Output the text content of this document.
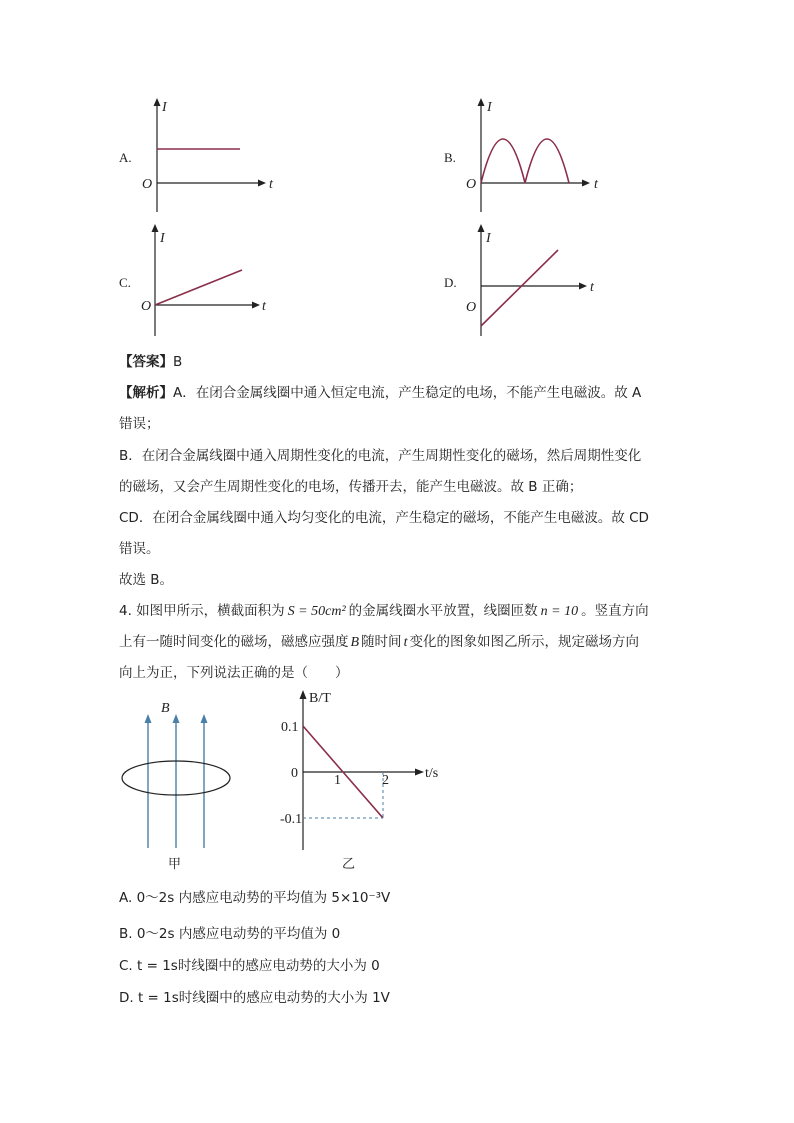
A.
I
t
O
B.
I
t
O
C.
I
t
O
D.
I
t
O
【答案】B
【解析】A．在闭合金属线圈中通入恒定电流，产生稳定的电场，不能产生电磁波。故 A
错误；
B．在闭合金属线圈中通入周期性变化的电流，产生周期性变化的磁场，然后周期性变化
的磁场，又会产生周期性变化的电场，传播开去，能产生电磁波。故 B 正确；
CD．在闭合金属线圈中通入均匀变化的电流，产生稳定的磁场，不能产生电磁波。故 CD
错误。
故选 B。
4. 如图甲所示，横截面积为 S = 50cm² 的金属线圈水平放置，线圈匝数 n = 10 。竖直方向
上有一随时间变化的磁场，磁感应强度 B 随时间 t 变化的图象如图乙所示，规定磁场方向
向上为正，下列说法正确的是（　　）
B
甲
B/T
t/s
0.1
0
-0.1
1	2
乙
A. 0～2s 内感应电动势的平均值为 5×10⁻³V
B. 0～2s 内感应电动势的平均值为 0
C. t = 1s时线圈中的感应电动势的大小为 0
D. t = 1s时线圈中的感应电动势的大小为 1V
